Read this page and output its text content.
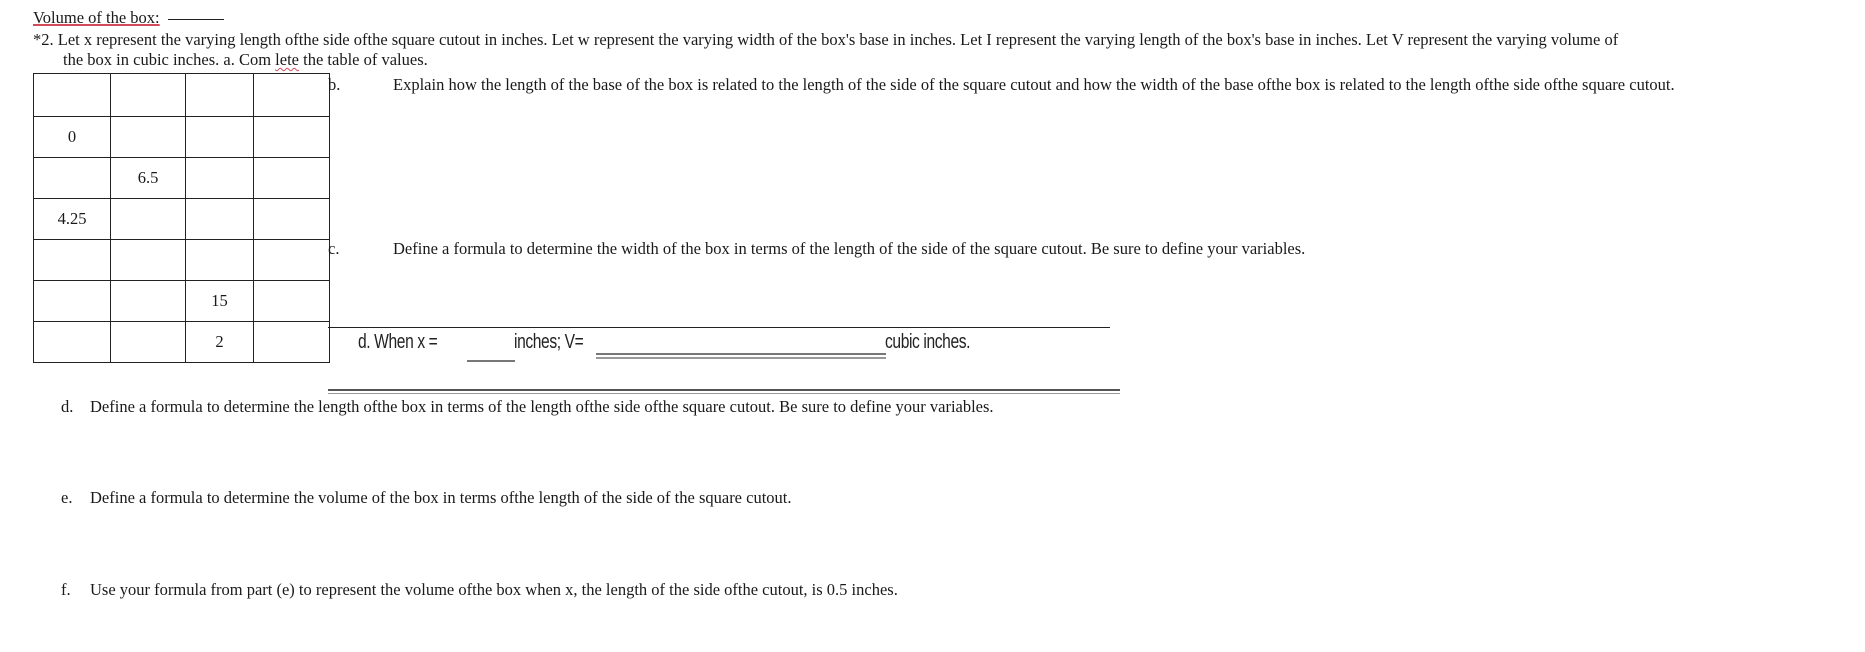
Volume of the box:
*2. Let x represent the varying length ofthe side ofthe square cutout in inches. Let w represent the varying width of the box's base in inches. Let I represent the varying length of the box's base in inches. Let V represent the varying volume of
the box in cubic inches. a. Com lete the table of values.

0			
	6.5		
4.25			

		15	
		2	
b.	Explain how the length of the base of the box is related to the length of the side of the square cutout and how the width of the base ofthe box is related to the length ofthe side ofthe square cutout.
c.	Define a formula to determine the width of the box in terms of the length of the side of the square cutout. Be sure to define your variables.
d. When x =	inches; V=	cubic inches.
d. Define a formula to determine the length ofthe box in terms of the length ofthe side ofthe square cutout. Be sure to define your variables.
e. Define a formula to determine the volume of the box in terms ofthe length of the side of the square cutout.
f. Use your formula from part (e) to represent the volume ofthe box when x, the length of the side ofthe cutout, is 0.5 inches.
